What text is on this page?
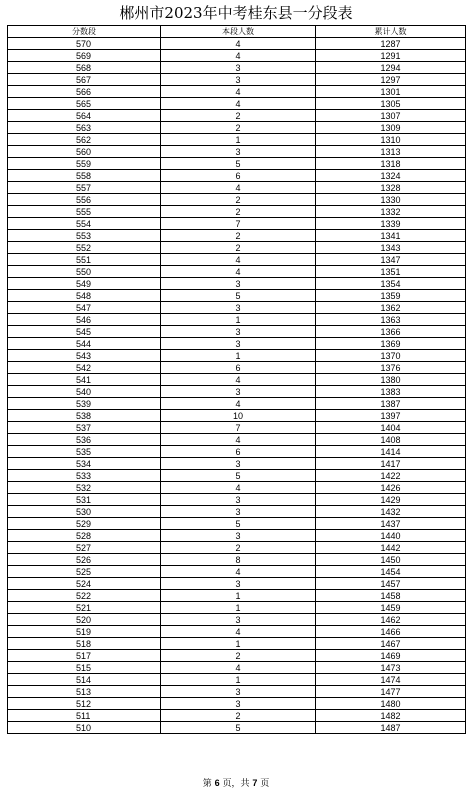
郴州市2023年中考桂东县一分段表
分数段	本段人数	累计人数
570	4	1287
569	4	1291
568	3	1294
567	3	1297
566	4	1301
565	4	1305
564	2	1307
563	2	1309
562	1	1310
560	3	1313
559	5	1318
558	6	1324
557	4	1328
556	2	1330
555	2	1332
554	7	1339
553	2	1341
552	2	1343
551	4	1347
550	4	1351
549	3	1354
548	5	1359
547	3	1362
546	1	1363
545	3	1366
544	3	1369
543	1	1370
542	6	1376
541	4	1380
540	3	1383
539	4	1387
538	10	1397
537	7	1404
536	4	1408
535	6	1414
534	3	1417
533	5	1422
532	4	1426
531	3	1429
530	3	1432
529	5	1437
528	3	1440
527	2	1442
526	8	1450
525	4	1454
524	3	1457
522	1	1458
521	1	1459
520	3	1462
519	4	1466
518	1	1467
517	2	1469
515	4	1473
514	1	1474
513	3	1477
512	3	1480
511	2	1482
510	5	1487
第 6 页，共 7 页
